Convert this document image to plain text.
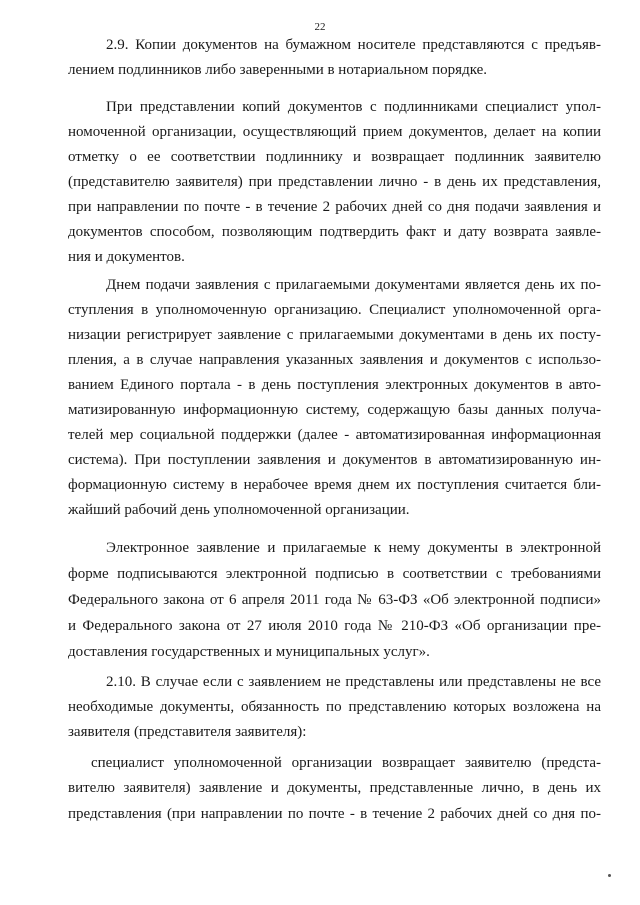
22
2.9. Копии документов на бумажном носителе представляются с предъяв-
лением подлинников либо заверенными в нотариальном порядке.
При представлении копий документов с подлинниками специалист упол-
номоченной организации, осуществляющий прием документов, делает на копии
отметку о ее соответствии подлиннику и возвращает подлинник заявителю
(представителю заявителя) при представлении лично - в день их представления,
при направлении по почте - в течение 2 рабочих дней со дня подачи заявления и
документов способом, позволяющим подтвердить факт и дату возврата заявле-
ния и документов.
Днем подачи заявления с прилагаемыми документами является день их по-
ступления в уполномоченную организацию. Специалист уполномоченной орга-
низации регистрирует заявление с прилагаемыми документами в день их посту-
пления, а в случае направления указанных заявления и документов с использо-
ванием Единого портала - в день поступления электронных документов в авто-
матизированную информационную систему, содержащую базы данных получа-
телей мер социальной поддержки (далее - автоматизированная информационная
система). При поступлении заявления и документов в автоматизированную ин-
формационную систему в нерабочее время днем их поступления считается бли-
жайший рабочий день уполномоченной организации.
Электронное заявление и прилагаемые к нему документы в электронной
форме подписываются электронной подписью в соответствии с требованиями
Федерального закона от 6 апреля 2011 года № 63-ФЗ «Об электронной подписи»
и Федерального закона от 27 июля 2010 года № 210-ФЗ «Об организации пре-
доставления государственных и муниципальных услуг».
2.10. В случае если с заявлением не представлены или представлены не все
необходимые документы, обязанность по представлению которых возложена на
заявителя (представителя заявителя):
специалист уполномоченной организации возвращает заявителю (предста-
вителю заявителя) заявление и документы, представленные лично, в день их
представления (при направлении по почте - в течение 2 рабочих дней со дня по-
